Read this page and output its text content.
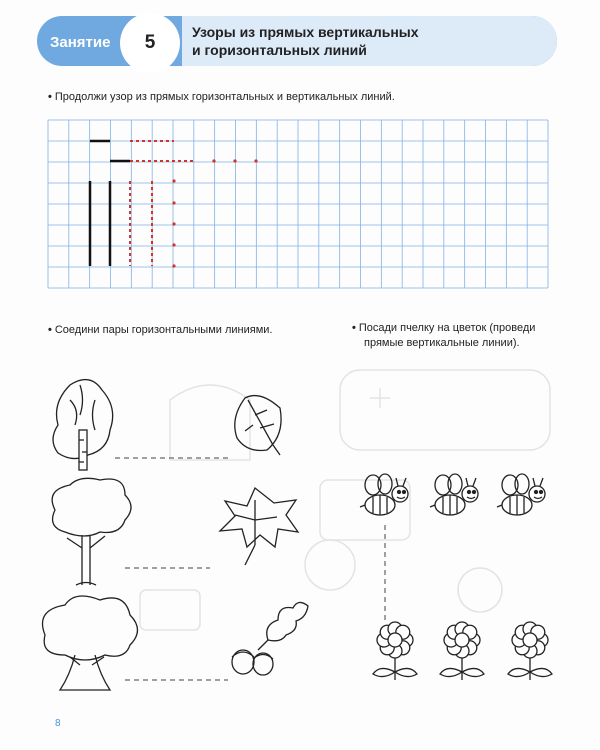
Занятие 5	Узоры из прямых вертикальных
и горизонтальных линий
• Продолжи узор из прямых горизонтальных и вертикальных линий.
• Соедини пары горизонтальными линиями.	• Посади пчелку на цветок (проведи
прямые вертикальные линии).
8
